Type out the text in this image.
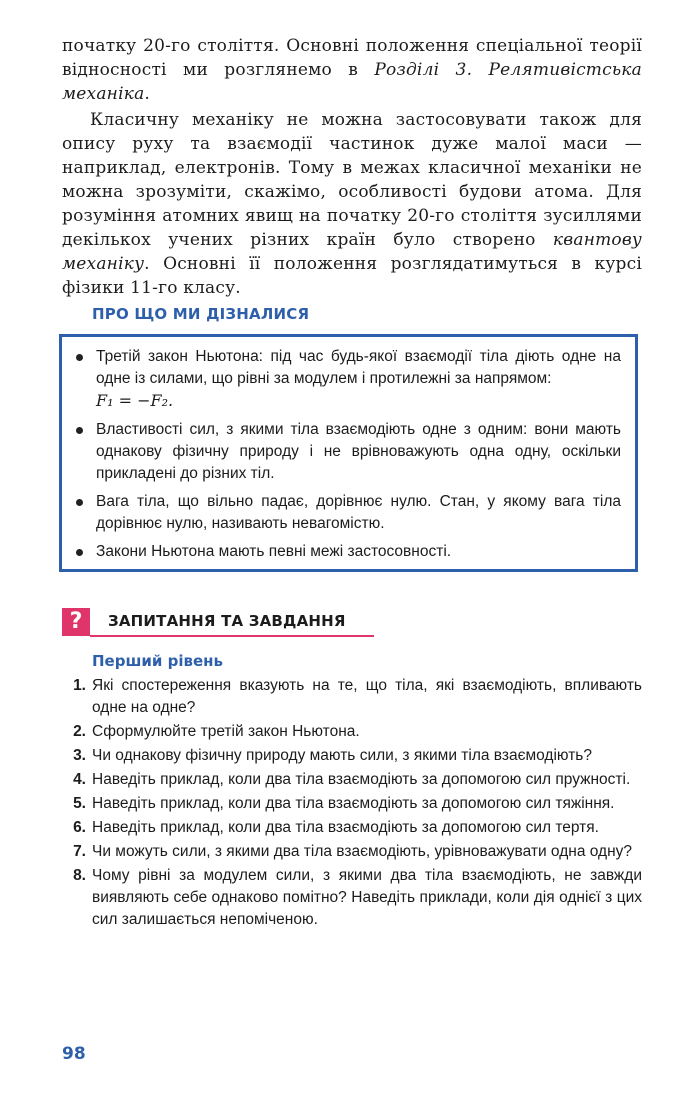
початку 20-го століття. Основні положення спеціальної теорії відносності ми розглянемо в Розділі 3. Релятивістська механіка.

Класичну механіку не можна застосовувати також для опису руху та взаємодії частинок дуже малої маси — наприклад, електронів. Тому в межах класичної механіки не можна зрозуміти, скажімо, особливості будови атома. Для розуміння атомних явищ на початку 20-го століття зусиллями декількох учених різних країн було створено квантову механіку. Основні її положення розглядатимуться в курсі фізики 11-го класу.

ПРО ЩО МИ ДІЗНАЛИСЯ
Третій закон Ньютона: під час будь-якої взаємодії тіла діють одне на одне із силами, що рівні за модулем і протилежні за напрямом:
F₁ = −F₂.
Властивості сил, з якими тіла взаємодіють одне з одним: вони мають однакову фізичну природу і не врівноважують одна одну, оскільки прикладені до різних тіл.
Вага тіла, що вільно падає, дорівнює нулю. Стан, у якому вага тіла дорівнює нулю, називають невагомістю.
Закони Ньютона мають певні межі застосовності.
?	ЗАПИТАННЯ ТА ЗАВДАННЯ
Перший рівень
1. Які спостереження вказують на те, що тіла, які взаємодіють, впливають одне на одне?
2. Сформулюйте третій закон Ньютона.
3. Чи однакову фізичну природу мають сили, з якими тіла взаємодіють?
4. Наведіть приклад, коли два тіла взаємодіють за допомогою сил пружності.
5. Наведіть приклад, коли два тіла взаємодіють за допомогою сил тяжіння.
6. Наведіть приклад, коли два тіла взаємодіють за допомогою сил тертя.
7. Чи можуть сили, з якими два тіла взаємодіють, урівноважувати одна одну?
8. Чому рівні за модулем сили, з якими два тіла взаємодіють, не завжди виявляють себе однаково помітно? Наведіть приклади, коли дія однієї з цих сил залишається непоміченою.
98
